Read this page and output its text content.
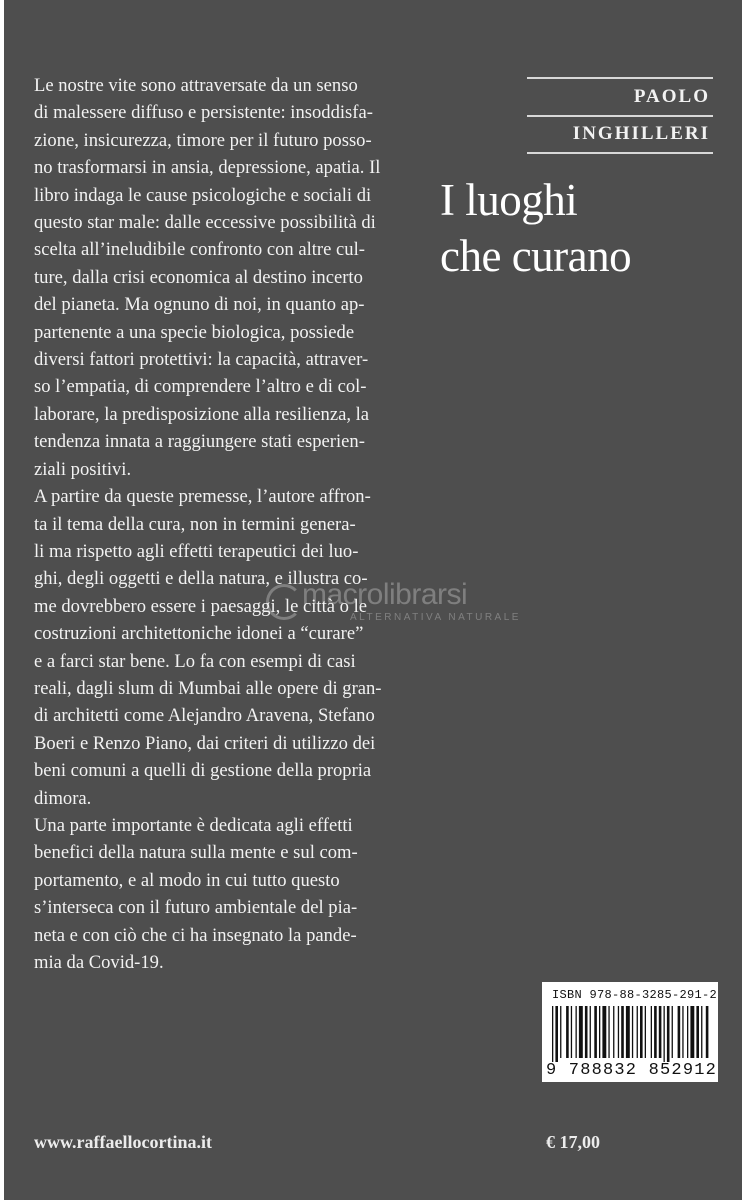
Le nostre vite sono attraversate da un senso
di malessere diffuso e persistente: insoddisfa-
zione, insicurezza, timore per il futuro posso-
no trasformarsi in ansia, depressione, apatia. Il
libro indaga le cause psicologiche e sociali di
questo star male: dalle eccessive possibilità di
scelta all’ineludibile confronto con altre cul-
ture, dalla crisi economica al destino incerto
del pianeta. Ma ognuno di noi, in quanto ap-
partenente a una specie biologica, possiede
diversi fattori protettivi: la capacità, attraver-
so l’empatia, di comprendere l’altro e di col-
laborare, la predisposizione alla resilienza, la
tendenza innata a raggiungere stati esperien-
ziali positivi.

A partire da queste premesse, l’autore affron-
ta il tema della cura, non in termini genera-
li ma rispetto agli effetti terapeutici dei luo-
ghi, degli oggetti e della natura, e illustra co-
me dovrebbero essere i paesaggi, le città o le
costruzioni architettoniche idonei a “curare”
e a farci star bene. Lo fa con esempi di casi
reali, dagli slum di Mumbai alle opere di gran-
di architetti come Alejandro Aravena, Stefano
Boeri e Renzo Piano, dai criteri di utilizzo dei
beni comuni a quelli di gestione della propria
dimora.

Una parte importante è dedicata agli effetti
benefici della natura sulla mente e sul com-
portamento, e al modo in cui tutto questo
s’interseca con il futuro ambientale del pia-
neta e con ciò che ci ha insegnato la pande-
mia da Covid-19.

PAOLO
INGHILLERI
I luoghi
che curano
macrolibrarsi
ALTERNATIVA NATURALE
ISBN 978-88-3285-291-2
9 788832 852912
www.raffaellocortina.it	€ 17,00
